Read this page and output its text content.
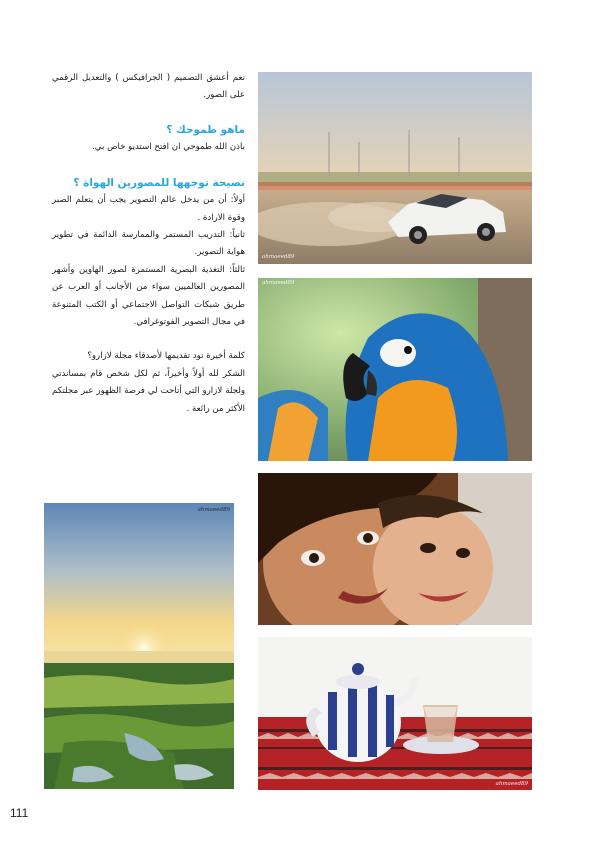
نعم أعشق التصميم ( الجرافيكس ) والتعديل الرقمي على الصور.

ماهو طموحك ؟

باذن الله طموحي ان افتح استديو خاص بي.

نصيحة توجهها للمصورين الهواة ؟

أولاً: أن من يدخل عالم التصوير يجب أن يتعلم الصبر وقوة الارادة .

ثانياً: التدريب المستمر والممارسة الدائمة في تطوير هواية التصوير.

ثالثاً: التغذية البصرية المستمرة لصور الهاوين وأشهر المصورين العالميين سواء من الأجانب أو العرب عن طريق شبكات التواصل الاجتماعي أو الكتب المتنوعة في مجال التصوير الفوتوغرافي.

كلمة أخيرة تود تقديمها لأصدقاء مجلة لازارو؟

الشكر لله أولاً وأخيراً، ثم لكل شخص قام بمساندتي ولجلة لازارو التي أتاحت لي فرصة الظهور عبر مجلتكم الأكثر من رائعة .

ahmaeed89
ahmaeed89
ahmaeed89
ahmaeed89
111
